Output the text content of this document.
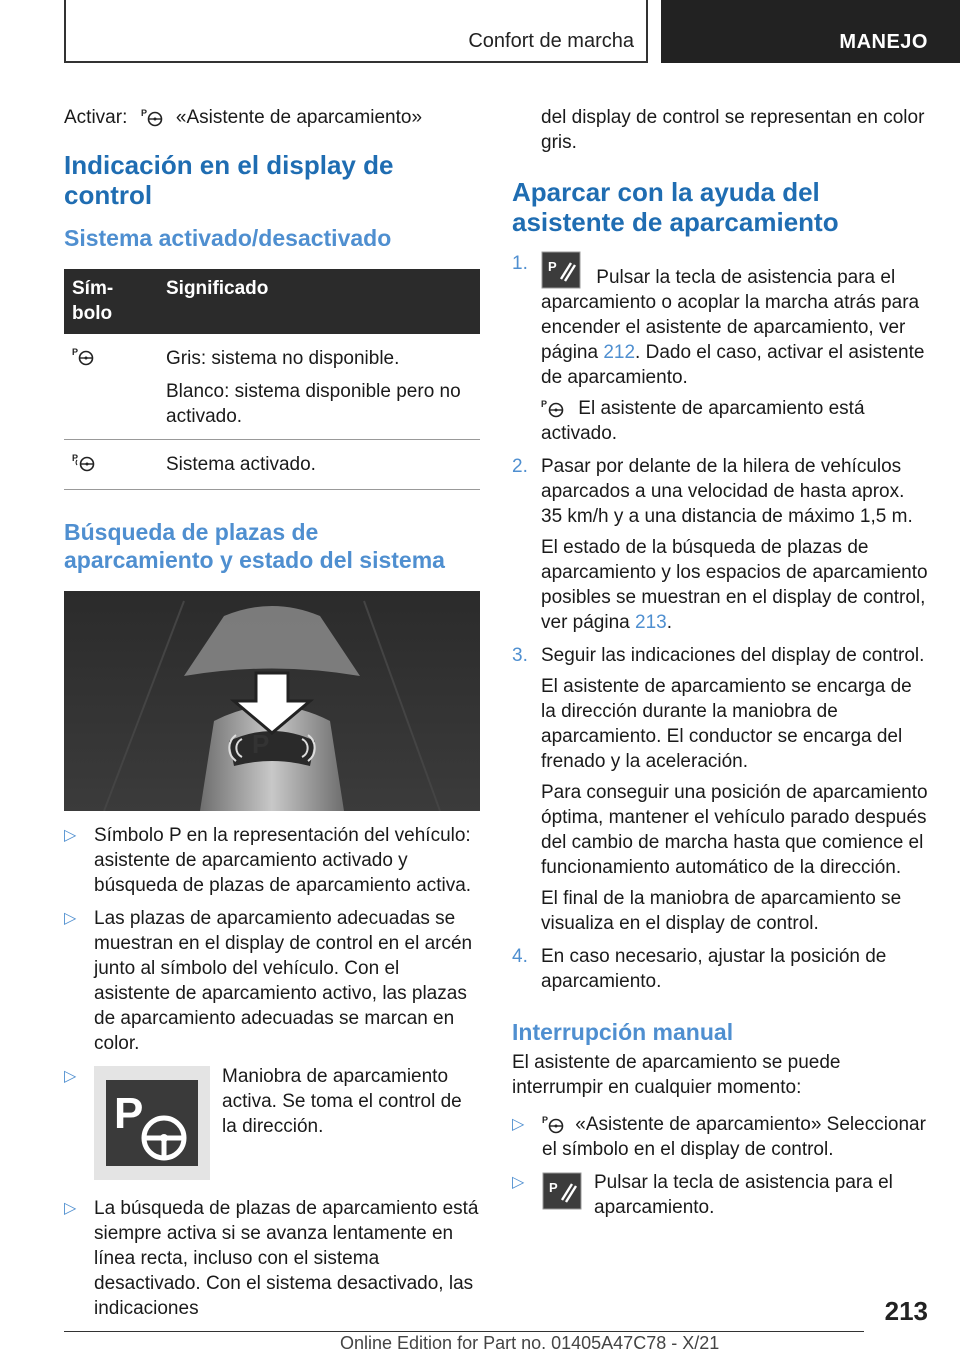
Confort de marcha	MANEJO

Activar: P «Asistente de aparcamiento»

Indicación en el display de control
Sistema activado/desactivado
Sím-
bolo	Significado

P	Gris: sistema no disponible.

Blanco: sistema disponible pero no activado.

P	Sistema activado.

Búsqueda de plazas de aparcamiento y estado del sistema
P
▷ Símbolo P en la representación del vehículo: asistente de aparcamiento activado y búsqueda de plazas de aparcamiento activa.
▷ Las plazas de aparcamiento adecuadas se muestran en el display de control en el arcén junto al símbolo del vehículo. Con el asistente de aparcamiento activo, las plazas de aparcamiento adecuadas se marcan en color.
▷
P
Maniobra de aparcamiento activa. Se toma el control de la dirección.
▷ La búsqueda de plazas de aparcamiento está siempre activa si se avanza lentamente en línea recta, incluso con el sistema desactivado. Con el sistema desactivado, las indicaciones

del display de control se representan en color gris.

Aparcar con la ayuda del asistente de aparcamiento
1. P
Pulsar la tecla de asistencia para el aparcamiento o acoplar la marcha atrás para encender el asistente de aparcamiento, ver página 212. Dado el caso, activar el asistente de aparcamiento.

P El asistente de aparcamiento está activado.

2. Pasar por delante de la hilera de vehículos aparcados a una velocidad de hasta aprox. 35 km/h y a una distancia de máximo 1,5 m.

El estado de la búsqueda de plazas de aparcamiento y los espacios de aparcamiento posibles se muestran en el display de control, ver página 213.

3. Seguir las indicaciones del display de control.

El asistente de aparcamiento se encarga de la dirección durante la maniobra de aparcamiento. El conductor se encarga del frenado y la aceleración.

Para conseguir una posición de aparcamiento óptima, mantener el vehículo parado después del cambio de marcha hasta que comience el funcionamiento automático de la dirección.

El final de la maniobra de aparcamiento se visualiza en el display de control.

4. En caso necesario, ajustar la posición de aparcamiento.

Interrupción manual

El asistente de aparcamiento se puede interrumpir en cualquier momento:

▷ P «Asistente de aparcamiento» Seleccionar el símbolo en el display de control.
▷ P Pulsar la tecla de asistencia para el aparcamiento.
213
Online Edition for Part no. 01405A47C78 - X/21
